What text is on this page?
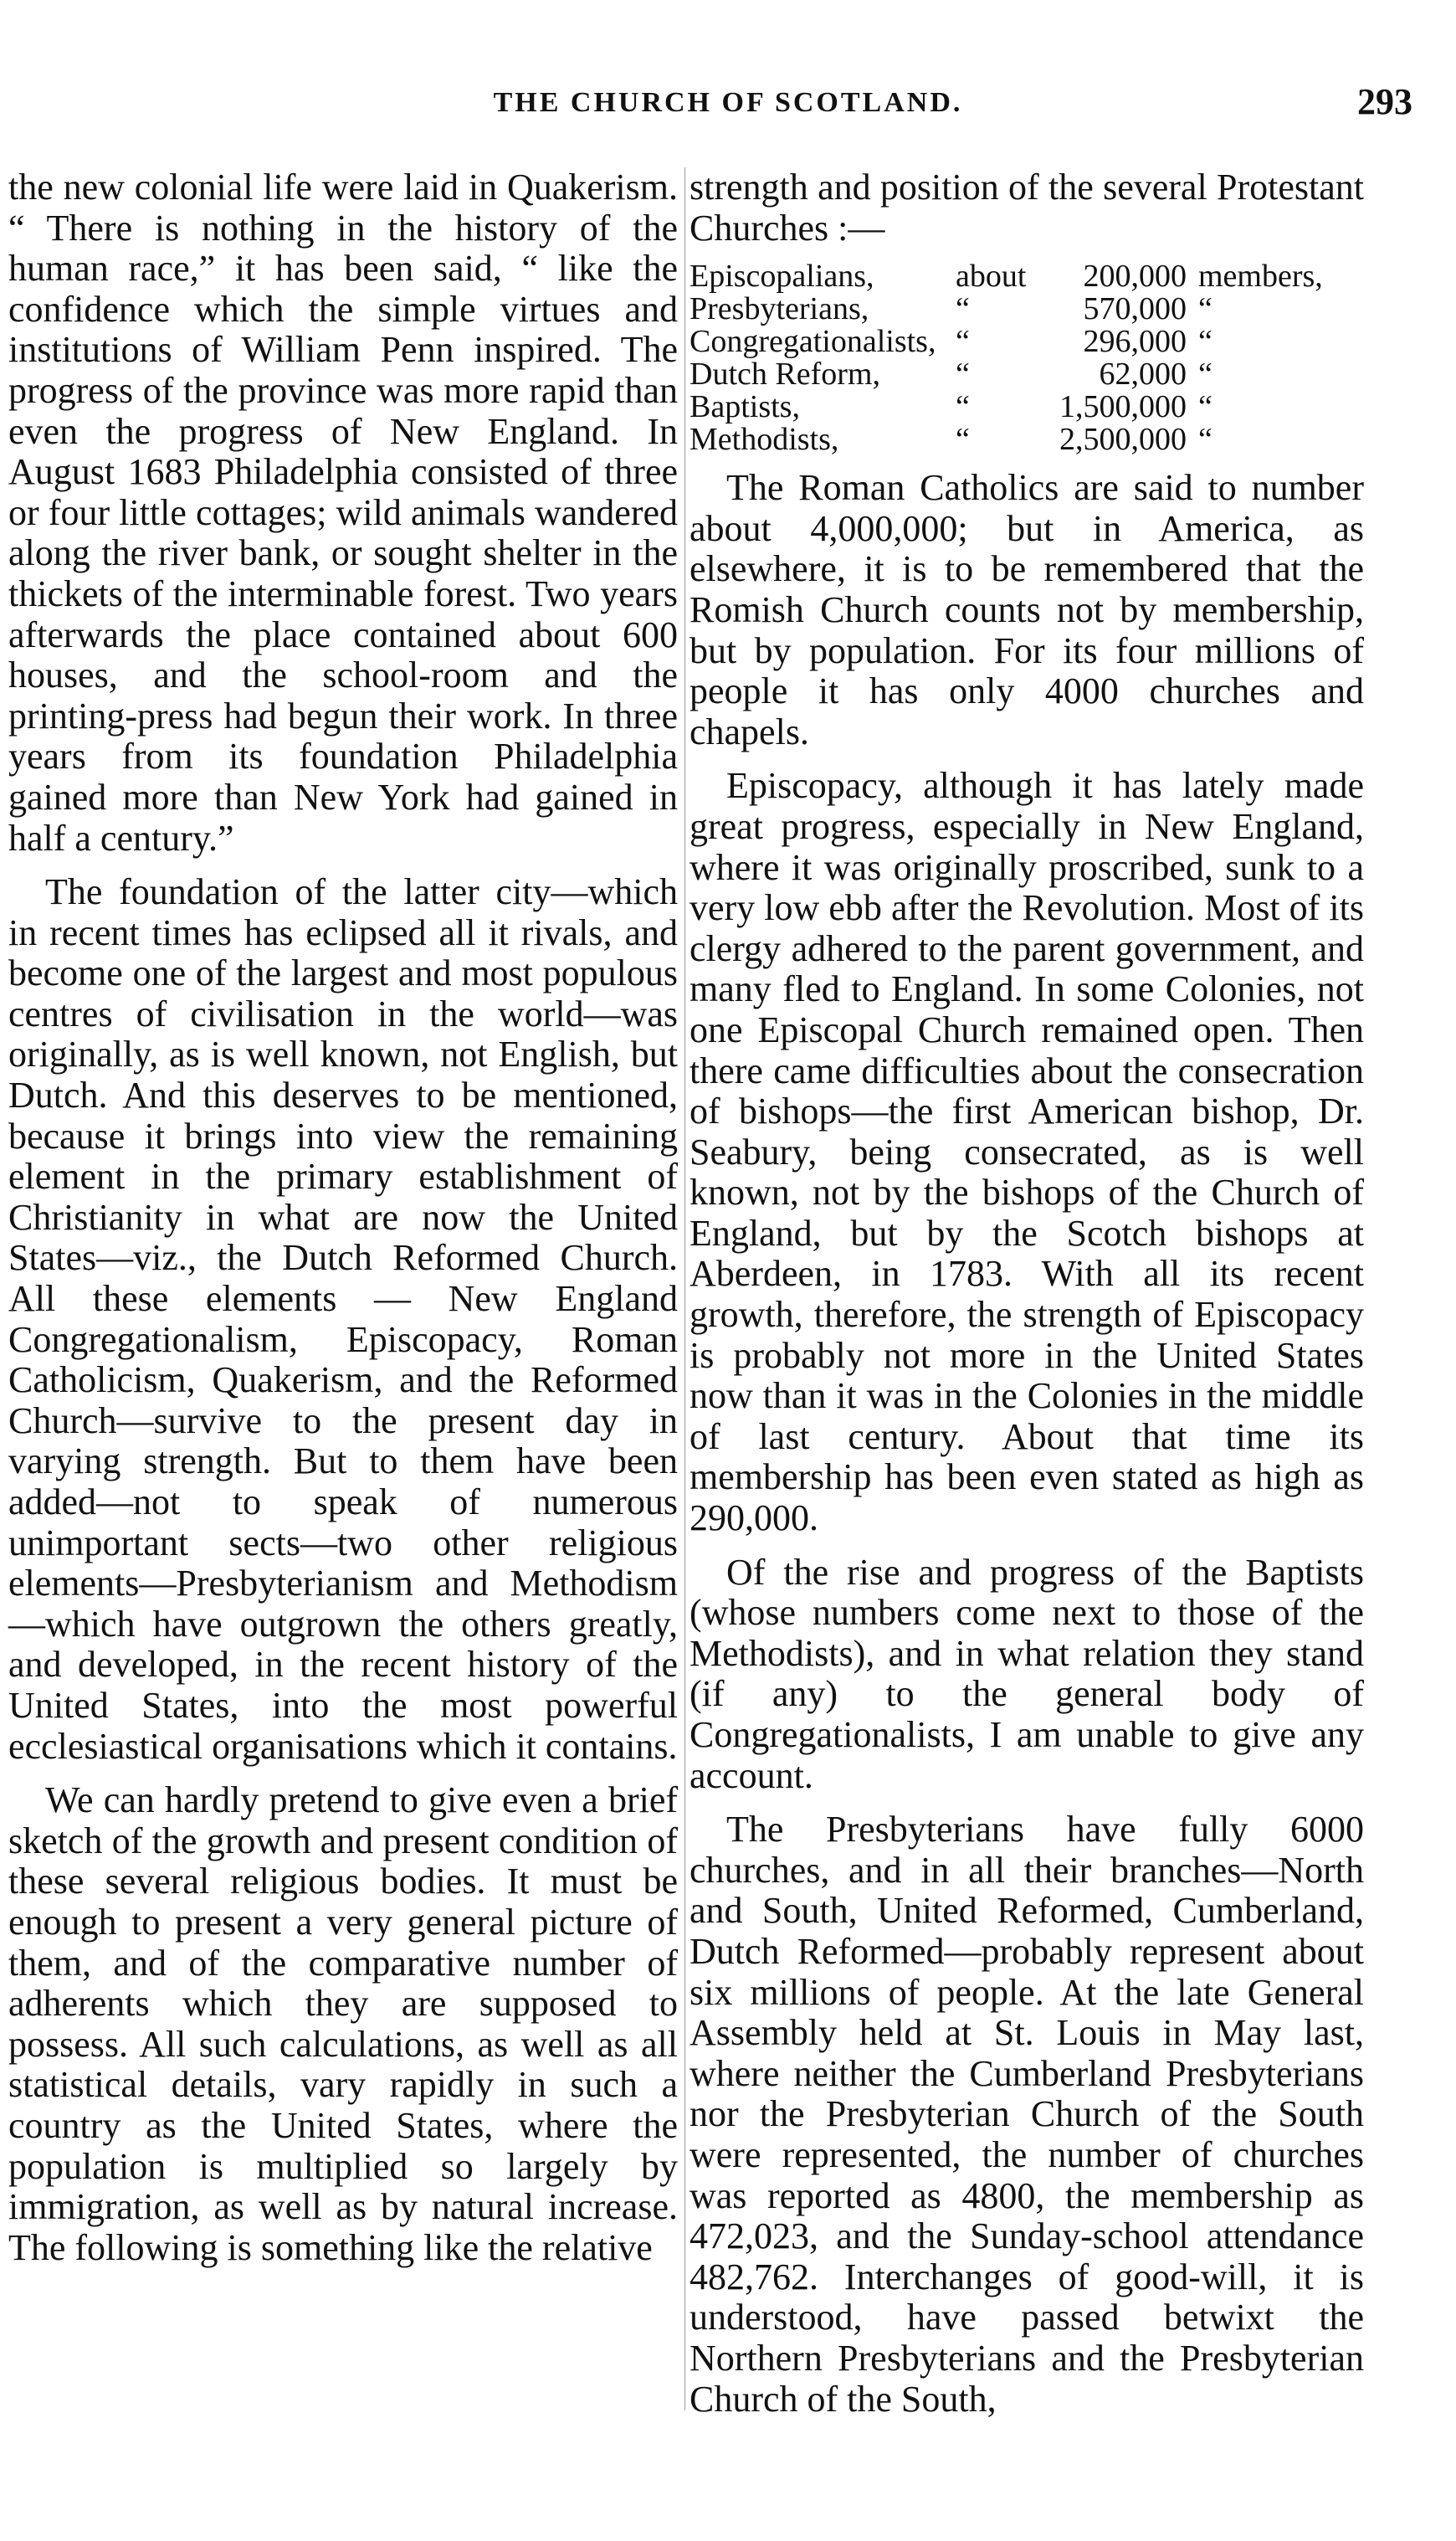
THE CHURCH OF SCOTLAND.	293

the new colonial life were laid in Quakerism. “ There is nothing in the history of the human race,” it has been said, “ like the confidence which the simple virtues and institutions of William Penn inspired. The progress of the province was more rapid than even the progress of New England. In August 1683 Philadelphia consisted of three or four little cottages; wild animals wandered along the river bank, or sought shelter in the thickets of the interminable forest. Two years afterwards the place contained about 600 houses, and the school-room and the printing-press had begun their work. In three years from its foundation Philadelphia gained more than New York had gained in half a century.”

The foundation of the latter city—which in recent times has eclipsed all it rivals, and become one of the largest and most populous centres of civilisation in the world—was originally, as is well known, not English, but Dutch. And this deserves to be mentioned, because it brings into view the remaining element in the primary establishment of Christianity in what are now the United States—viz., the Dutch Reformed Church. All these elements — New England Congregationalism, Episcopacy, Roman Catholicism, Quakerism, and the Reformed Church—survive to the present day in varying strength. But to them have been added—not to speak of numerous unimportant sects—two other religious elements—Presbyterianism and Methodism—which have outgrown the others greatly, and developed, in the recent history of the United States, into the most powerful ecclesiastical organisations which it contains.

We can hardly pretend to give even a brief sketch of the growth and present condition of these several religious bodies. It must be enough to present a very general picture of them, and of the comparative number of adherents which they are supposed to possess. All such calculations, as well as all statistical details, vary rapidly in such a country as the United States, where the population is multiplied so largely by immigration, as well as by natural increase. The following is something like the relative

strength and position of the several Protestant Churches :—

Episcopalians,	about	200,000 members,
Presbyterians,	“	570,000 “
Congregationalists, “	296,000 “
Dutch Reform,	“	62,000 “
Baptists,	“	1,500,000 “
Methodists,	“	2,500,000 “

The Roman Catholics are said to number about 4,000,000; but in America, as elsewhere, it is to be remembered that the Romish Church counts not by membership, but by population. For its four millions of people it has only 4000 churches and chapels.

Episcopacy, although it has lately made great progress, especially in New England, where it was originally proscribed, sunk to a very low ebb after the Revolution. Most of its clergy adhered to the parent government, and many fled to England. In some Colonies, not one Episcopal Church remained open. Then there came difficulties about the consecration of bishops—the first American bishop, Dr. Seabury, being consecrated, as is well known, not by the bishops of the Church of England, but by the Scotch bishops at Aberdeen, in 1783. With all its recent growth, therefore, the strength of Episcopacy is probably not more in the United States now than it was in the Colonies in the middle of last century. About that time its membership has been even stated as high as 290,000.

Of the rise and progress of the Baptists (whose numbers come next to those of the Methodists), and in what relation they stand (if any) to the general body of Congregationalists, I am unable to give any account.

The Presbyterians have fully 6000 churches, and in all their branches—North and South, United Reformed, Cumberland, Dutch Reformed—probably represent about six millions of people. At the late General Assembly held at St. Louis in May last, where neither the Cumberland Presbyterians nor the Presbyterian Church of the South were represented, the number of churches was reported as 4800, the membership as 472,023, and the Sunday-school attendance 482,762. Interchanges of good-will, it is understood, have passed betwixt the Northern Presbyterians and the Presbyterian Church of the South,
